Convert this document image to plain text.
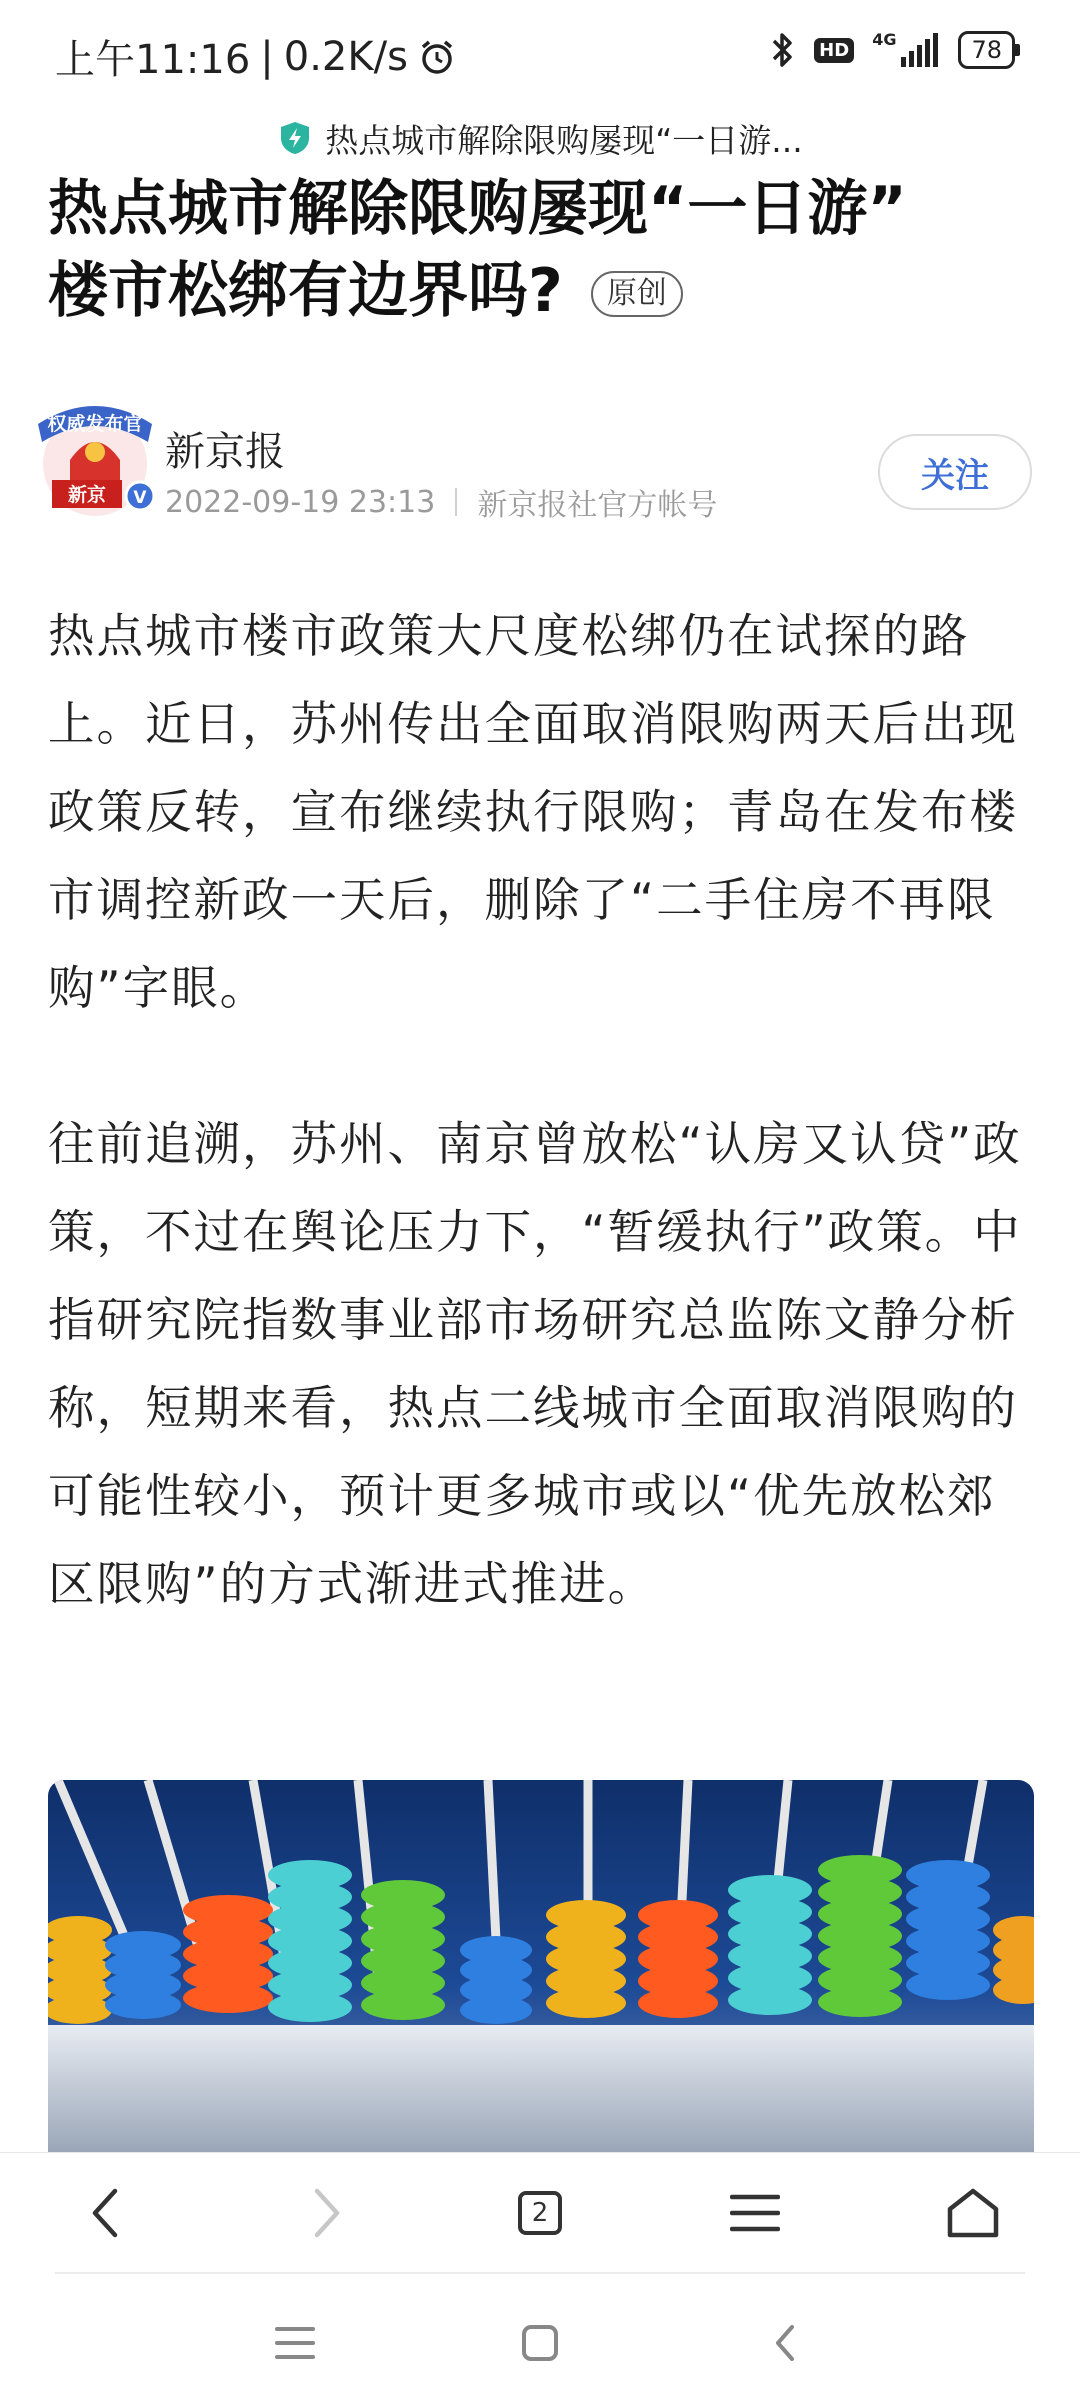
上午11:16 | 0.2K/s	HD	4G	78
热点城市解除限购屡现“一日游...
热点城市解除限购屡现“一日游”
楼市松绑有边界吗? 原创
权威发布官
新京 V
新京报
2022-09-19 23:13 新京报社官方帐号
关注

热点城市楼市政策大尺度松绑仍在试探的路上。近日，苏州传出全面取消限购两天后出现政策反转，宣布继续执行限购；青岛在发布楼市调控新政一天后，删除了“二手住房不再限购”字眼。

往前追溯，苏州、南京曾放松“认房又认贷”政策，不过在舆论压力下，“暂缓执行”政策。中指研究院指数事业部市场研究总监陈文静分析称，短期来看，热点二线城市全面取消限购的可能性较小，预计更多城市或以“优先放松郊区限购”的方式渐进式推进。

2
